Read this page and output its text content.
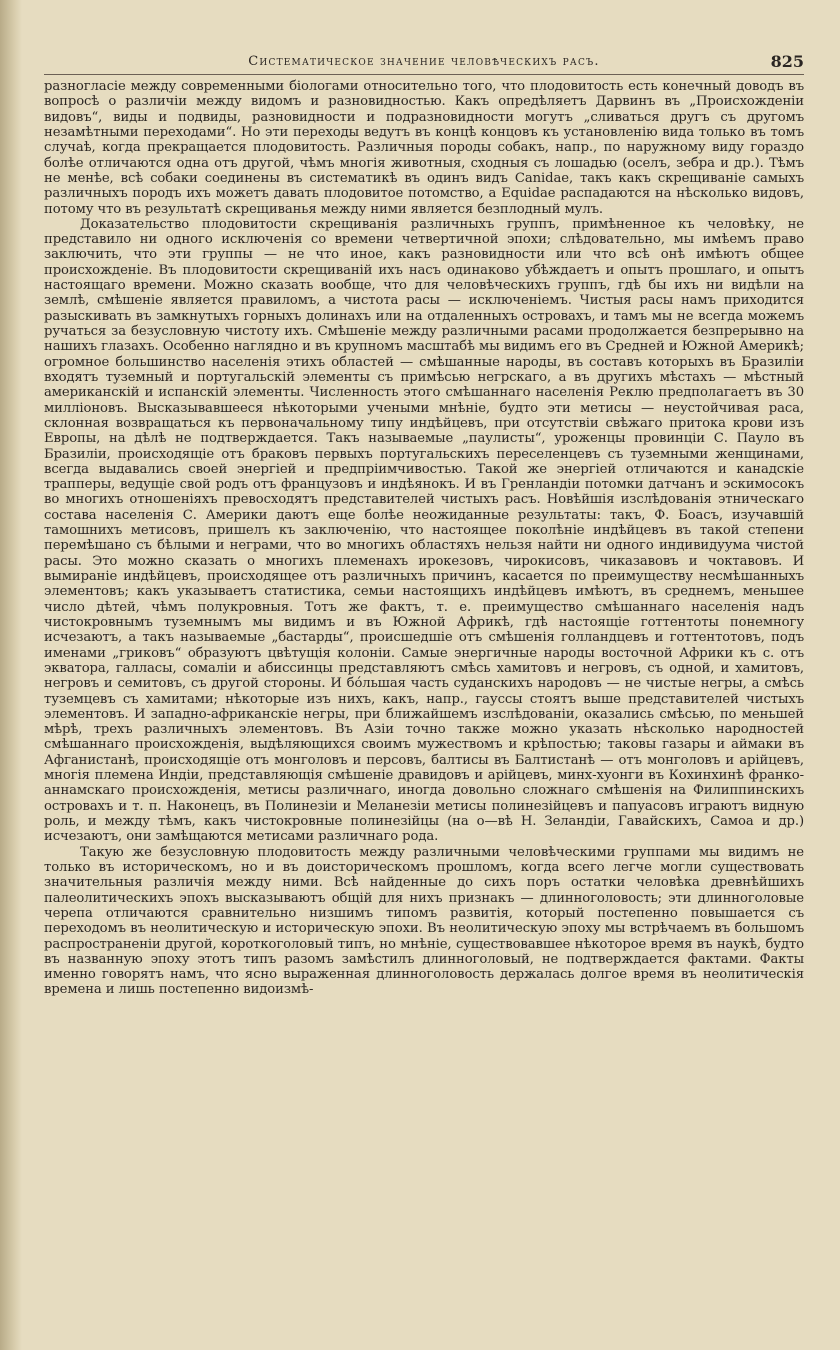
Систематическое значение человѣческихъ расъ.	825

разногласіе между современными біологами относительно того, что плодовитость есть конечный доводъ въ вопросѣ о различіи между видомъ и разновидностью. Какъ опредѣляетъ Дарвинъ въ „Происхожденіи видовъ“, виды и подвиды, разновидности и подразновидности могутъ „сливаться другъ съ другомъ незамѣтными переходами“. Но эти переходы ведутъ въ концѣ концовъ къ установленію вида только въ томъ случаѣ, когда прекращается плодовитость. Различныя породы собакъ, напр., по наружному виду гораздо болѣе отличаются одна отъ другой, чѣмъ многія животныя, сходныя съ лошадью (оселъ, зебра и др.). Тѣмъ не менѣе, всѣ собаки соединены въ систематикѣ въ одинъ видъ Canidae, такъ какъ скрещиваніе самыхъ различныхъ породъ ихъ можетъ давать плодовитое потомство, а Equidae распадаются на нѣсколько видовъ, потому что въ результатѣ скрещиванья между ними является безплодный мулъ.

Доказательство плодовитости скрещиванія различныхъ группъ, примѣненное къ человѣку, не представило ни одного исключенія со времени четвертичной эпохи; слѣдовательно, мы имѣемъ право заключить, что эти группы — не что иное, какъ разновидности или что всѣ онѣ имѣютъ общее происхожденіе. Въ плодовитости скрещиваній ихъ насъ одинаково убѣждаетъ и опытъ прошлаго, и опытъ настоящаго времени. Можно сказать вообще, что для человѣческихъ группъ, гдѣ бы ихъ ни видѣли на землѣ, смѣшеніе является правиломъ, а чистота расы — исключеніемъ. Чистыя расы намъ приходится разыскивать въ замкнутыхъ горныхъ долинахъ или на отдаленныхъ островахъ, и тамъ мы не всегда можемъ ручаться за безусловную чистоту ихъ. Смѣшеніе между различными расами продолжается безпрерывно на нашихъ глазахъ. Особенно наглядно и въ крупномъ масштабѣ мы видимъ его въ Средней и Южной Америкѣ; огромное большинство населенія этихъ областей — смѣшанные народы, въ составъ которыхъ въ Бразиліи входятъ туземный и португальскій элементы съ примѣсью негрскаго, а въ другихъ мѣстахъ — мѣстный американскій и испанскій элементы. Численность этого смѣшаннаго населенія Реклю предполагаетъ въ 30 милліоновъ. Высказывавшееся нѣкоторыми учеными мнѣніе, будто эти метисы — неустойчивая раса, склонная возвращаться къ первоначальному типу индѣйцевъ, при отсутствіи свѣжаго притока крови изъ Европы, на дѣлѣ не подтверждается. Такъ называемые „паулисты“, уроженцы провинціи С. Пауло въ Бразиліи, происходящіе отъ браковъ первыхъ португальскихъ переселенцевъ съ туземными женщинами, всегда выдавались своей энергіей и предпріимчивостью. Такой же энергіей отличаются и канадскіе трапперы, ведущіе свой родъ отъ французовъ и индѣянокъ. И въ Гренландіи потомки датчанъ и эскимосокъ во многихъ отношеніяхъ превосходятъ представителей чистыхъ расъ. Новѣйшія изслѣдованія этническаго состава населенія С. Америки даютъ еще болѣе неожиданные результаты: такъ, Ф. Боасъ, изучавшій тамошнихъ метисовъ, пришелъ къ заключенію, что настоящее поколѣніе индѣйцевъ въ такой степени перемѣшано съ бѣлыми и неграми, что во многихъ областяхъ нельзя найти ни одного индивидуума чистой расы. Это можно сказать о многихъ племенахъ ирокезовъ, чирокисовъ, чиказавовъ и чоктавовъ. И вымираніе индѣйцевъ, происходящее отъ различныхъ причинъ, касается по преимуществу несмѣшанныхъ элементовъ; какъ указываетъ статистика, семьи настоящихъ индѣйцевъ имѣютъ, въ среднемъ, меньшее число дѣтей, чѣмъ полукровныя. Тотъ же фактъ, т. е. преимущество смѣшаннаго населенія надъ чистокровнымъ туземнымъ мы видимъ и въ Южной Африкѣ, гдѣ настоящіе готтентоты понемногу исчезаютъ, а такъ называемые „бастарды“, происшедшіе отъ смѣшенія голландцевъ и готтентотовъ, подъ именами „гриковъ“ образуютъ цвѣтущія колоніи. Самые энергичные народы восточной Африки къ с. отъ экватора, галласы, сомаліи и абиссинцы представляютъ смѣсь хамитовъ и негровъ, съ одной, и хамитовъ, негровъ и семитовъ, съ другой стороны. И бóльшая часть суданскихъ народовъ — не чистые негры, а смѣсь туземцевъ съ хамитами; нѣкоторые изъ нихъ, какъ, напр., гауссы стоятъ выше представителей чистыхъ элементовъ. И западно-африканскіе негры, при ближайшемъ изслѣдованіи, оказались смѣсью, по меньшей мѣрѣ, трехъ различныхъ элементовъ. Въ Азіи точно также можно указать нѣсколько народностей смѣшаннаго происхожденія, выдѣляющихся своимъ мужествомъ и крѣпостью; таковы газары и аймаки въ Афганистанѣ, происходящіе отъ монголовъ и персовъ, балтисы въ Балтистанѣ — отъ монголовъ и арійцевъ, многія племена Индіи, представляющія смѣшеніе дравидовъ и арійцевъ, минх-хуонги въ Кохинхинѣ франко-аннамскаго происхожденія, метисы различнаго, иногда довольно сложнаго смѣшенія на Филиппинскихъ островахъ и т. п. Наконецъ, въ Полинезіи и Меланезіи метисы полинезійцевъ и папуасовъ играютъ видную роль, и между тѣмъ, какъ чистокровные полинезійцы (на о—вѣ Н. Зеландіи, Гавайскихъ, Самоа и др.) исчезаютъ, они замѣщаются метисами различнаго рода.

Такую же безусловную плодовитость между различными человѣческими группами мы видимъ не только въ историческомъ, но и въ доисторическомъ прошломъ, когда всего легче могли существовать значительныя различія между ними. Всѣ найденные до сихъ поръ остатки человѣка древнѣйшихъ палеолитическихъ эпохъ высказываютъ общій для нихъ признакъ — длинноголовость; эти длинноголовые черепа отличаются сравнительно низшимъ типомъ развитія, который постепенно повышается съ переходомъ въ неолитическую и историческую эпохи. Въ неолитическую эпоху мы встрѣчаемъ въ большомъ распространеніи другой, короткоголовый типъ, но мнѣніе, существовавшее нѣкоторое время въ наукѣ, будто въ названную эпоху этотъ типъ разомъ замѣстилъ длинноголовый, не подтверждается фактами. Факты именно говорятъ намъ, что ясно выраженная длинноголовость держалась долгое время въ неолитическія времена и лишь постепенно видоизмѣ-
